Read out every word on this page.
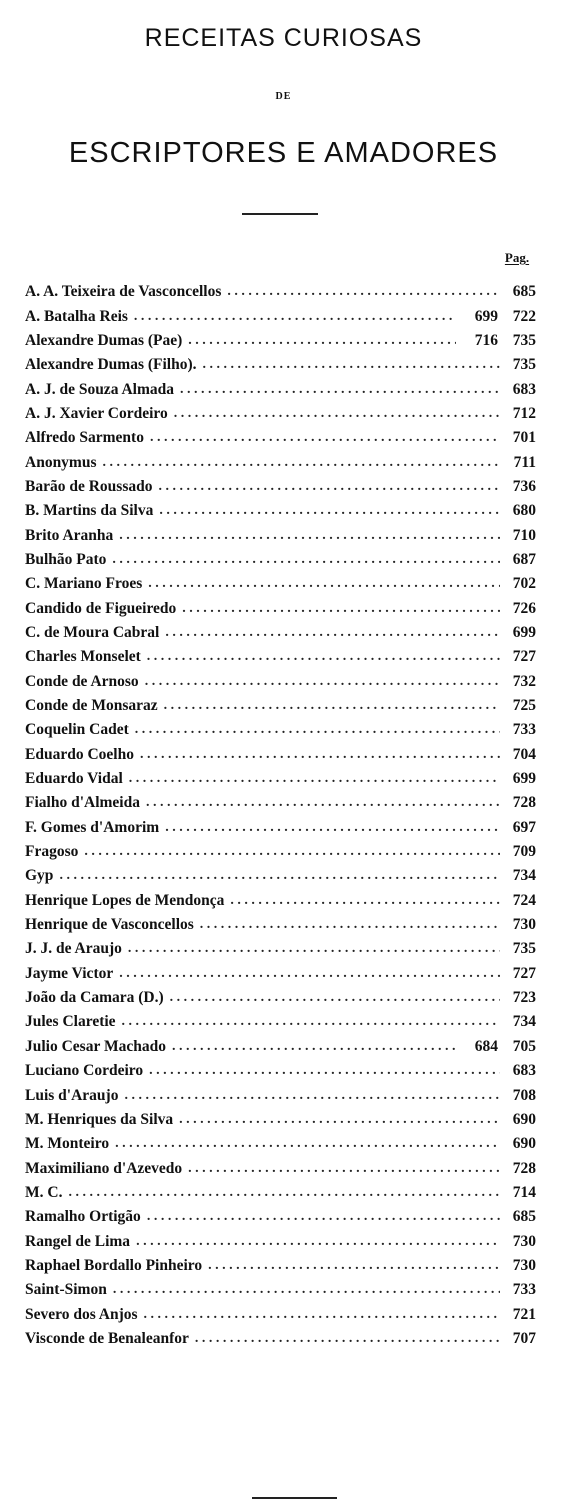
RECEITAS CURIOSAS
DE
ESCRIPTORES E AMADORES
Pag.
A. A. Teixeira de Vasconcellos . . .	685
A. Batalha Reis . . .	699 722
Alexandre Dumas (Pae) . . .	716 735
Alexandre Dumas (Filho). . . .	735
A. J. de Souza Almada . . .	683
A. J. Xavier Cordeiro . . .	712
Alfredo Sarmento . . .	701
Anonymus . . .	711
Barão de Roussado . . .	736
B. Martins da Silva . . .	680
Brito Aranha . . .	710
Bulhão Pato . . .	687
C. Mariano Froes . . .	702
Candido de Figueiredo . . .	726
C. de Moura Cabral . . .	699
Charles Monselet . . .	727
Conde de Arnoso . . .	732
Conde de Monsaraz . . .	725
Coquelin Cadet . . .	733
Eduardo Coelho . . .	704
Eduardo Vidal . . .	699
Fialho d'Almeida . . .	728
F. Gomes d'Amorim . . .	697
Fragoso . . .	709
Gyp . . .	734
Henrique Lopes de Mendonça . . .	724
Henrique de Vasconcellos . . .	730
J. J. de Araujo . . .	735
Jayme Victor . . .	727
João da Camara (D.) . . .	723
Jules Claretie . . .	734
Julio Cesar Machado . . .	684 705
Luciano Cordeiro . . .	683
Luis d'Araujo . . .	708
M. Henriques da Silva . . .	690
M. Monteiro . . .	690
Maximiliano d'Azevedo . . .	728
M. C. . . .	714
Ramalho Ortigão . . .	685
Rangel de Lima . . .	730
Raphael Bordallo Pinheiro . . .	730
Saint-Simon . . .	733
Severo dos Anjos . . .	721
Visconde de Benaleanfor . . .	707
